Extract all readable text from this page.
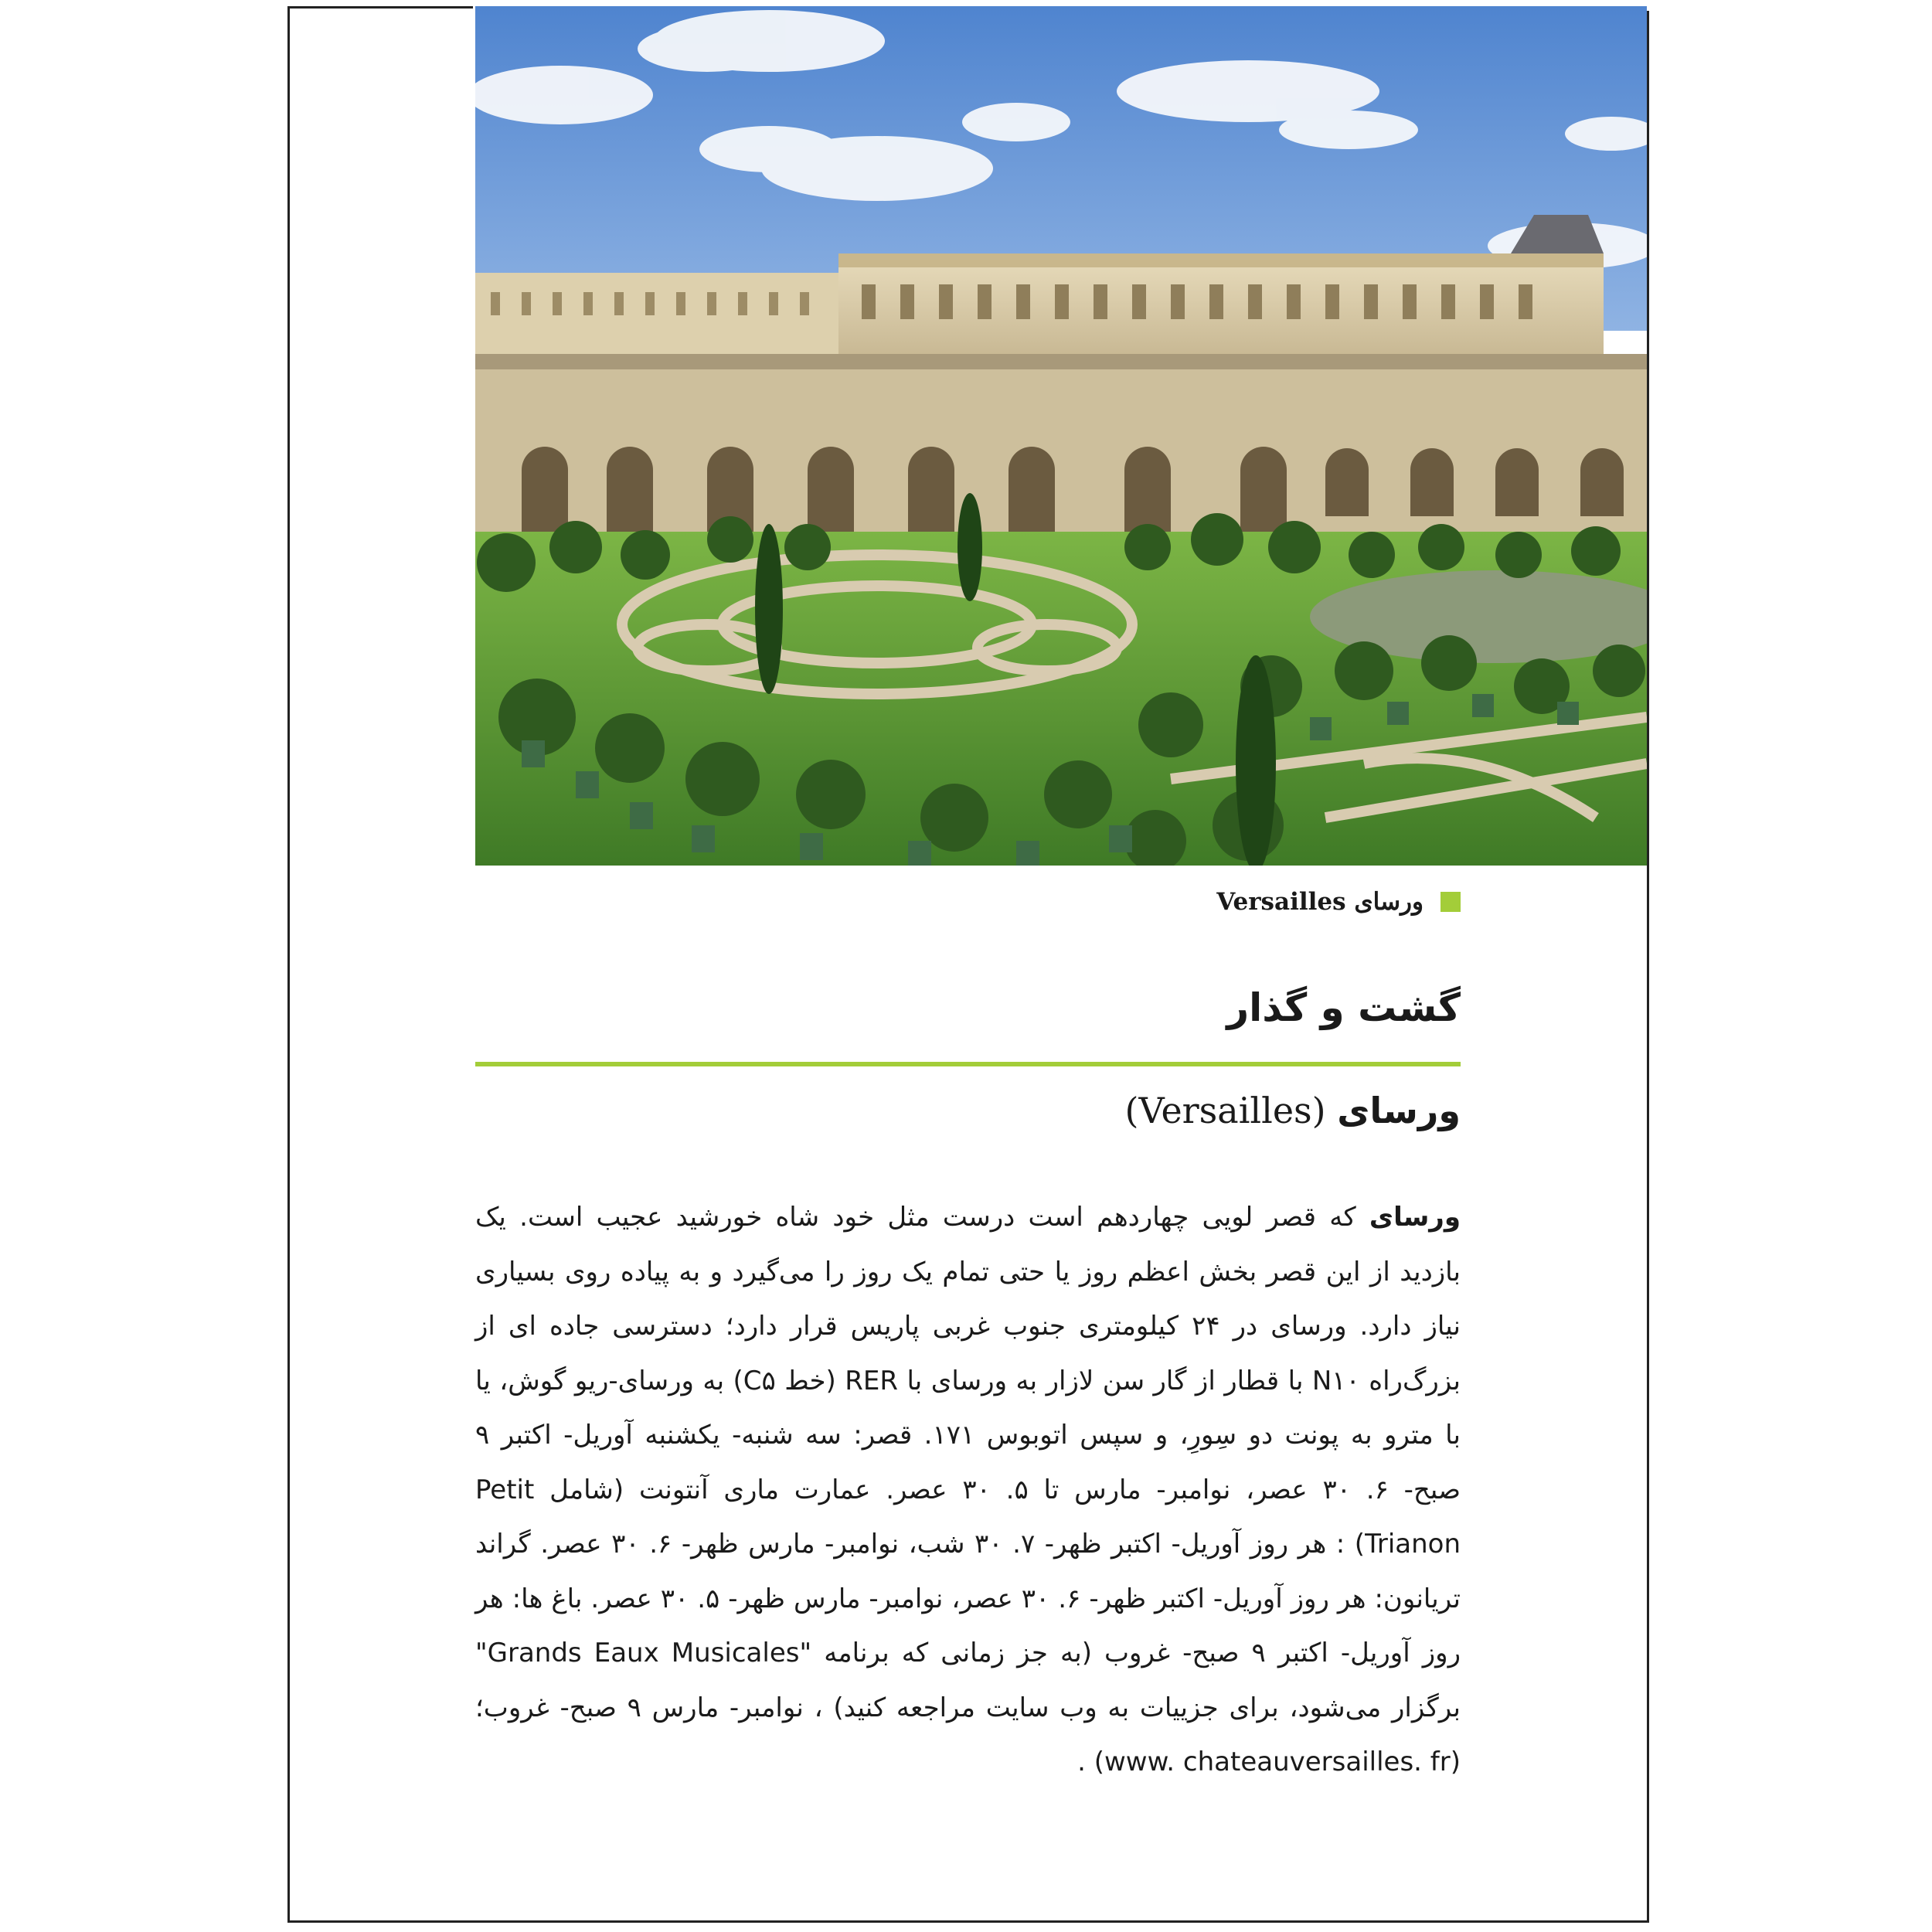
ورسای Versailles
گشت و گذار
ورسای (Versailles)
ورسای که قصر لویی چهاردهم است درست مثل خود شاه خورشید عجیب است. یک بازدید از این قصر بخش اعظم روز یا حتی تمام یک روز را می‌گیرد و به پیاده روی بسیاری نیاز دارد. ورسای در ۲۴ کیلومتری جنوب غربی پاریس قرار دارد؛ دسترسی جاده ای از بزرگ‌راه N۱۰ با قطار از گار سن لازار به ورسای با RER (خط C۵) به ورسای-ریو گوش، یا با مترو به پونت دو سِورِ، و سپس اتوبوس ۱۷۱. قصر: سه شنبه- یکشنبه آوریل- اکتبر ۹ صبح- ۶. ۳۰ عصر، نوامبر- مارس تا ۵. ۳۰ عصر. عمارت ماری آنتونت (شامل Petit Trianon) : هر روز آوریل- اکتبر ظهر- ۷. ۳۰ شب، نوامبر- مارس ظهر- ۶. ۳۰ عصر. گراند تریانون: هر روز آوریل- اکتبر ظهر- ۶. ۳۰ عصر، نوامبر- مارس ظهر- ۵. ۳۰ عصر. باغ ها: هر روز آوریل- اکتبر ۹ صبح- غروب (به جز زمانی که برنامه "Grands Eaux Musicales" برگزار می‌شود، برای جزییات به وب سایت مراجعه کنید) ، نوامبر- مارس ۹ صبح- غروب؛ (www. chateauversailles. fr) .
